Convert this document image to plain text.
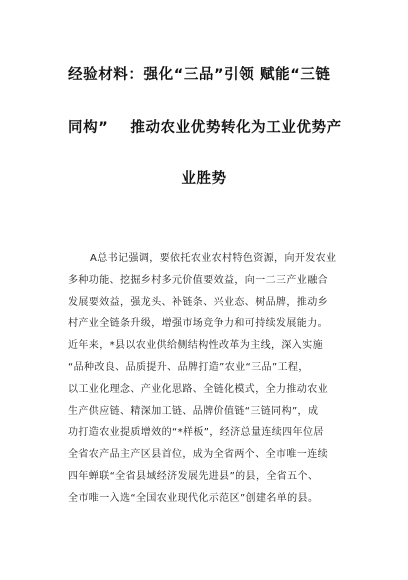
经验材料：强化“三品”引领 赋能“三链
同构” 推动农业优势转化为工业优势产
业胜势
A总书记强调，要依托农业农村特色资源，向开发农业
多种功能、挖掘乡村多元价值要效益，向一二三产业融合
发展要效益，强龙头、补链条、兴业态、树品牌，推动乡
村产业全链条升级，增强市场竞争力和可持续发展能力。
近年来，*县以农业供给侧结构性改革为主线，深入实施
“品种改良、品质提升、品牌打造”农业“三品”工程，
以工业化理念、产业化思路、全链化模式，全力推动农业
生产供应链、精深加工链、品牌价值链“三链同构”，成
功打造农业提质增效的“*样板”，经济总量连续四年位居
全省农产品主产区县首位，成为全省两个、全市唯一连续
四年蝉联“全省县域经济发展先进县”的县，全省五个、
全市唯一入选“全国农业现代化示范区”创建名单的县。
